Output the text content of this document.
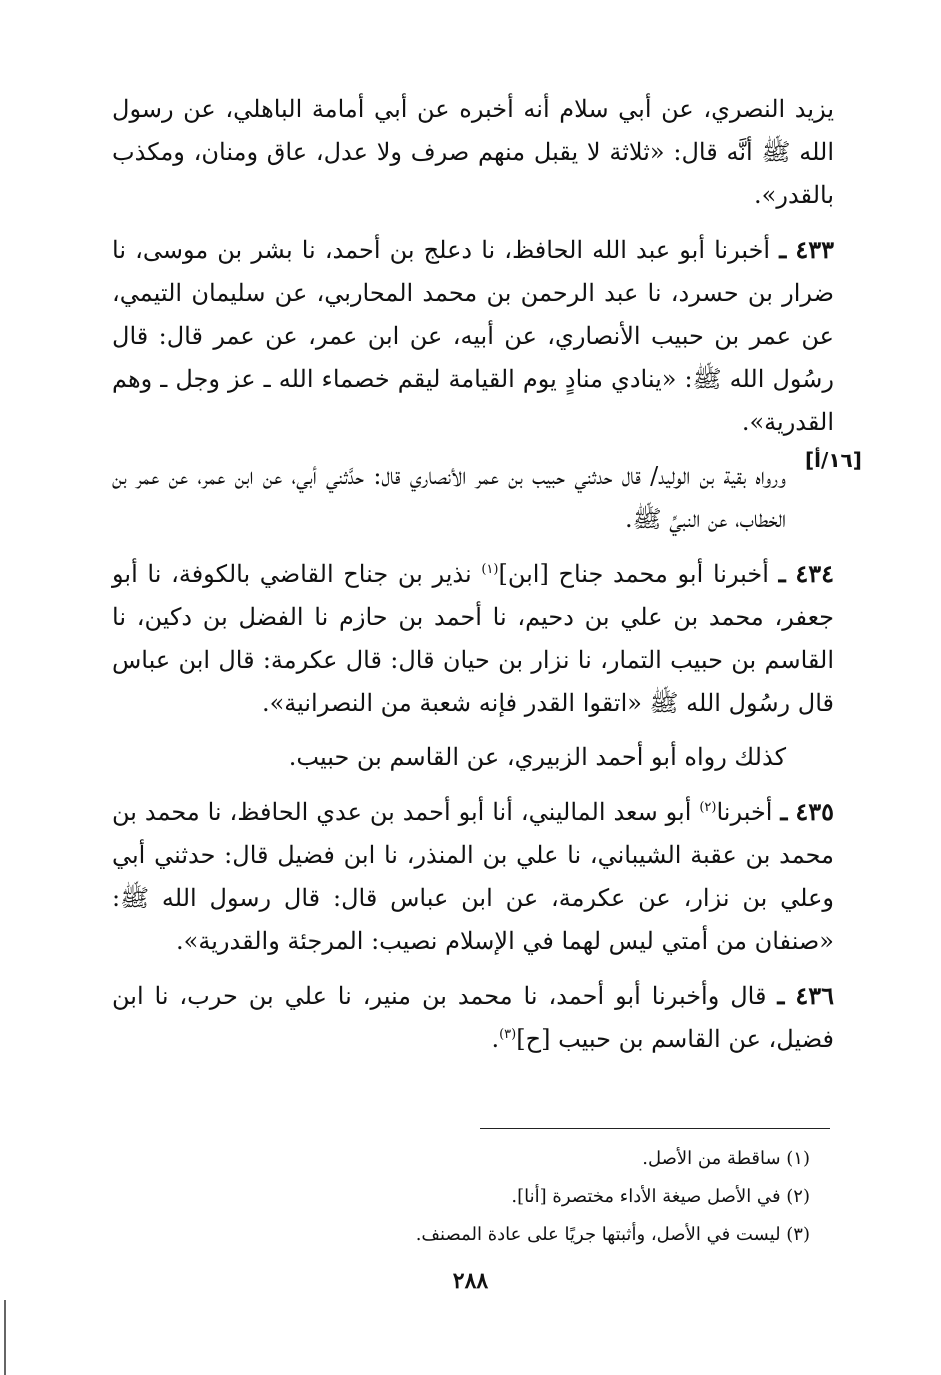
يزيد النصري، عن أبي سلام أنه أخبره عن أبي أمامة الباهلي، عن رسول الله ﷺ أنَّه قال: «ثلاثة لا يقبل منهم صرف ولا عدل، عاق ومنان، ومكذب بالقدر».

٤٣٣ ـ أخبرنا أبو عبد الله الحافظ، نا دعلج بن أحمد، نا بشر بن موسى، نا ضرار بن حسرد، نا عبد الرحمن بن محمد المحاربي، عن سليمان التيمي، عن عمر بن حبيب الأنصاري، عن أبيه، عن ابن عمر، عن عمر قال: قال رسُول الله ﷺ: «ينادي منادٍ يوم القيامة ليقم خصماء الله ـ عز وجل ـ وهم القدرية».

ورواه بقية بن الوليد/ قال حدثني حبيب بن عمر الأنصاري قال: حدَّثني أبي، عن ابن عمر، عن عمر بن الخطاب، عن النبيِّ ﷺ.

٤٣٤ ـ أخبرنا أبو محمد جناح [ابن]$^{(١)}$ نذير بن جناح القاضي بالكوفة، نا أبو جعفر، محمد بن علي بن دحيم، نا أحمد بن حازم نا الفضل بن دكين، نا القاسم بن حبيب التمار، نا نزار بن حيان قال: قال عكرمة: قال ابن عباس قال رسُول الله ﷺ «اتقوا القدر فإنه شعبة من النصرانية».

كذلك رواه أبو أحمد الزبيري، عن القاسم بن حبيب.

٤٣٥ ـ أخبرنا$^{(٢)}$ أبو سعد الماليني، أنا أبو أحمد بن عدي الحافظ، نا محمد بن محمد بن عقبة الشيباني، نا علي بن المنذر، نا ابن فضيل قال: حدثني أبي وعلي بن نزار، عن عكرمة، عن ابن عباس قال: قال رسول الله ﷺ: «صنفان من أمتي ليس لهما في الإسلام نصيب: المرجئة والقدرية».

٤٣٦ ـ قال وأخبرنا أبو أحمد، نا محمد بن منير، نا علي بن حرب، نا ابن فضيل، عن القاسم بن حبيب [ح]$^{(٣)}$.

[١٦/أ]

(١) ساقطة من الأصل.

(٢) في الأصل صيغة الأداء مختصرة [أنا].

(٣) ليست في الأصل، وأثبتها جريًا على عادة المصنف.

٢٨٨
